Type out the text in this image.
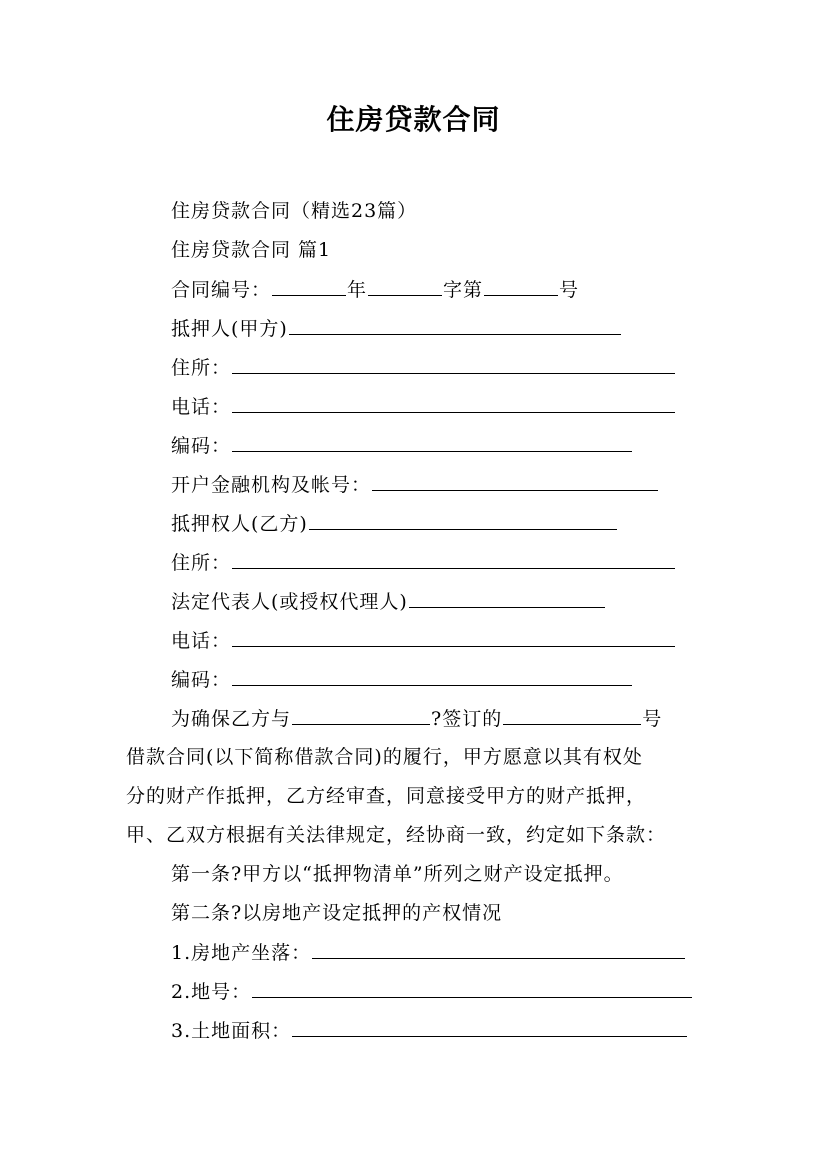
住房贷款合同
住房贷款合同（精选23篇）
住房贷款合同 篇1
合同编号：	年	字第	号
抵押人(甲方)
住所：
电话：
编码：
开户金融机构及帐号：
抵押权人(乙方)
住所：
法定代表人(或授权代理人)
电话：
编码：
为确保乙方与	?签订的	号
借款合同(以下简称借款合同)的履行，甲方愿意以其有权处
分的财产作抵押，乙方经审查，同意接受甲方的财产抵押，
甲、乙双方根据有关法律规定，经协商一致，约定如下条款：
第一条?甲方以“抵押物清单”所列之财产设定抵押。
第二条?以房地产设定抵押的产权情况
1.房地产坐落：
2.地号：
3.土地面积：
